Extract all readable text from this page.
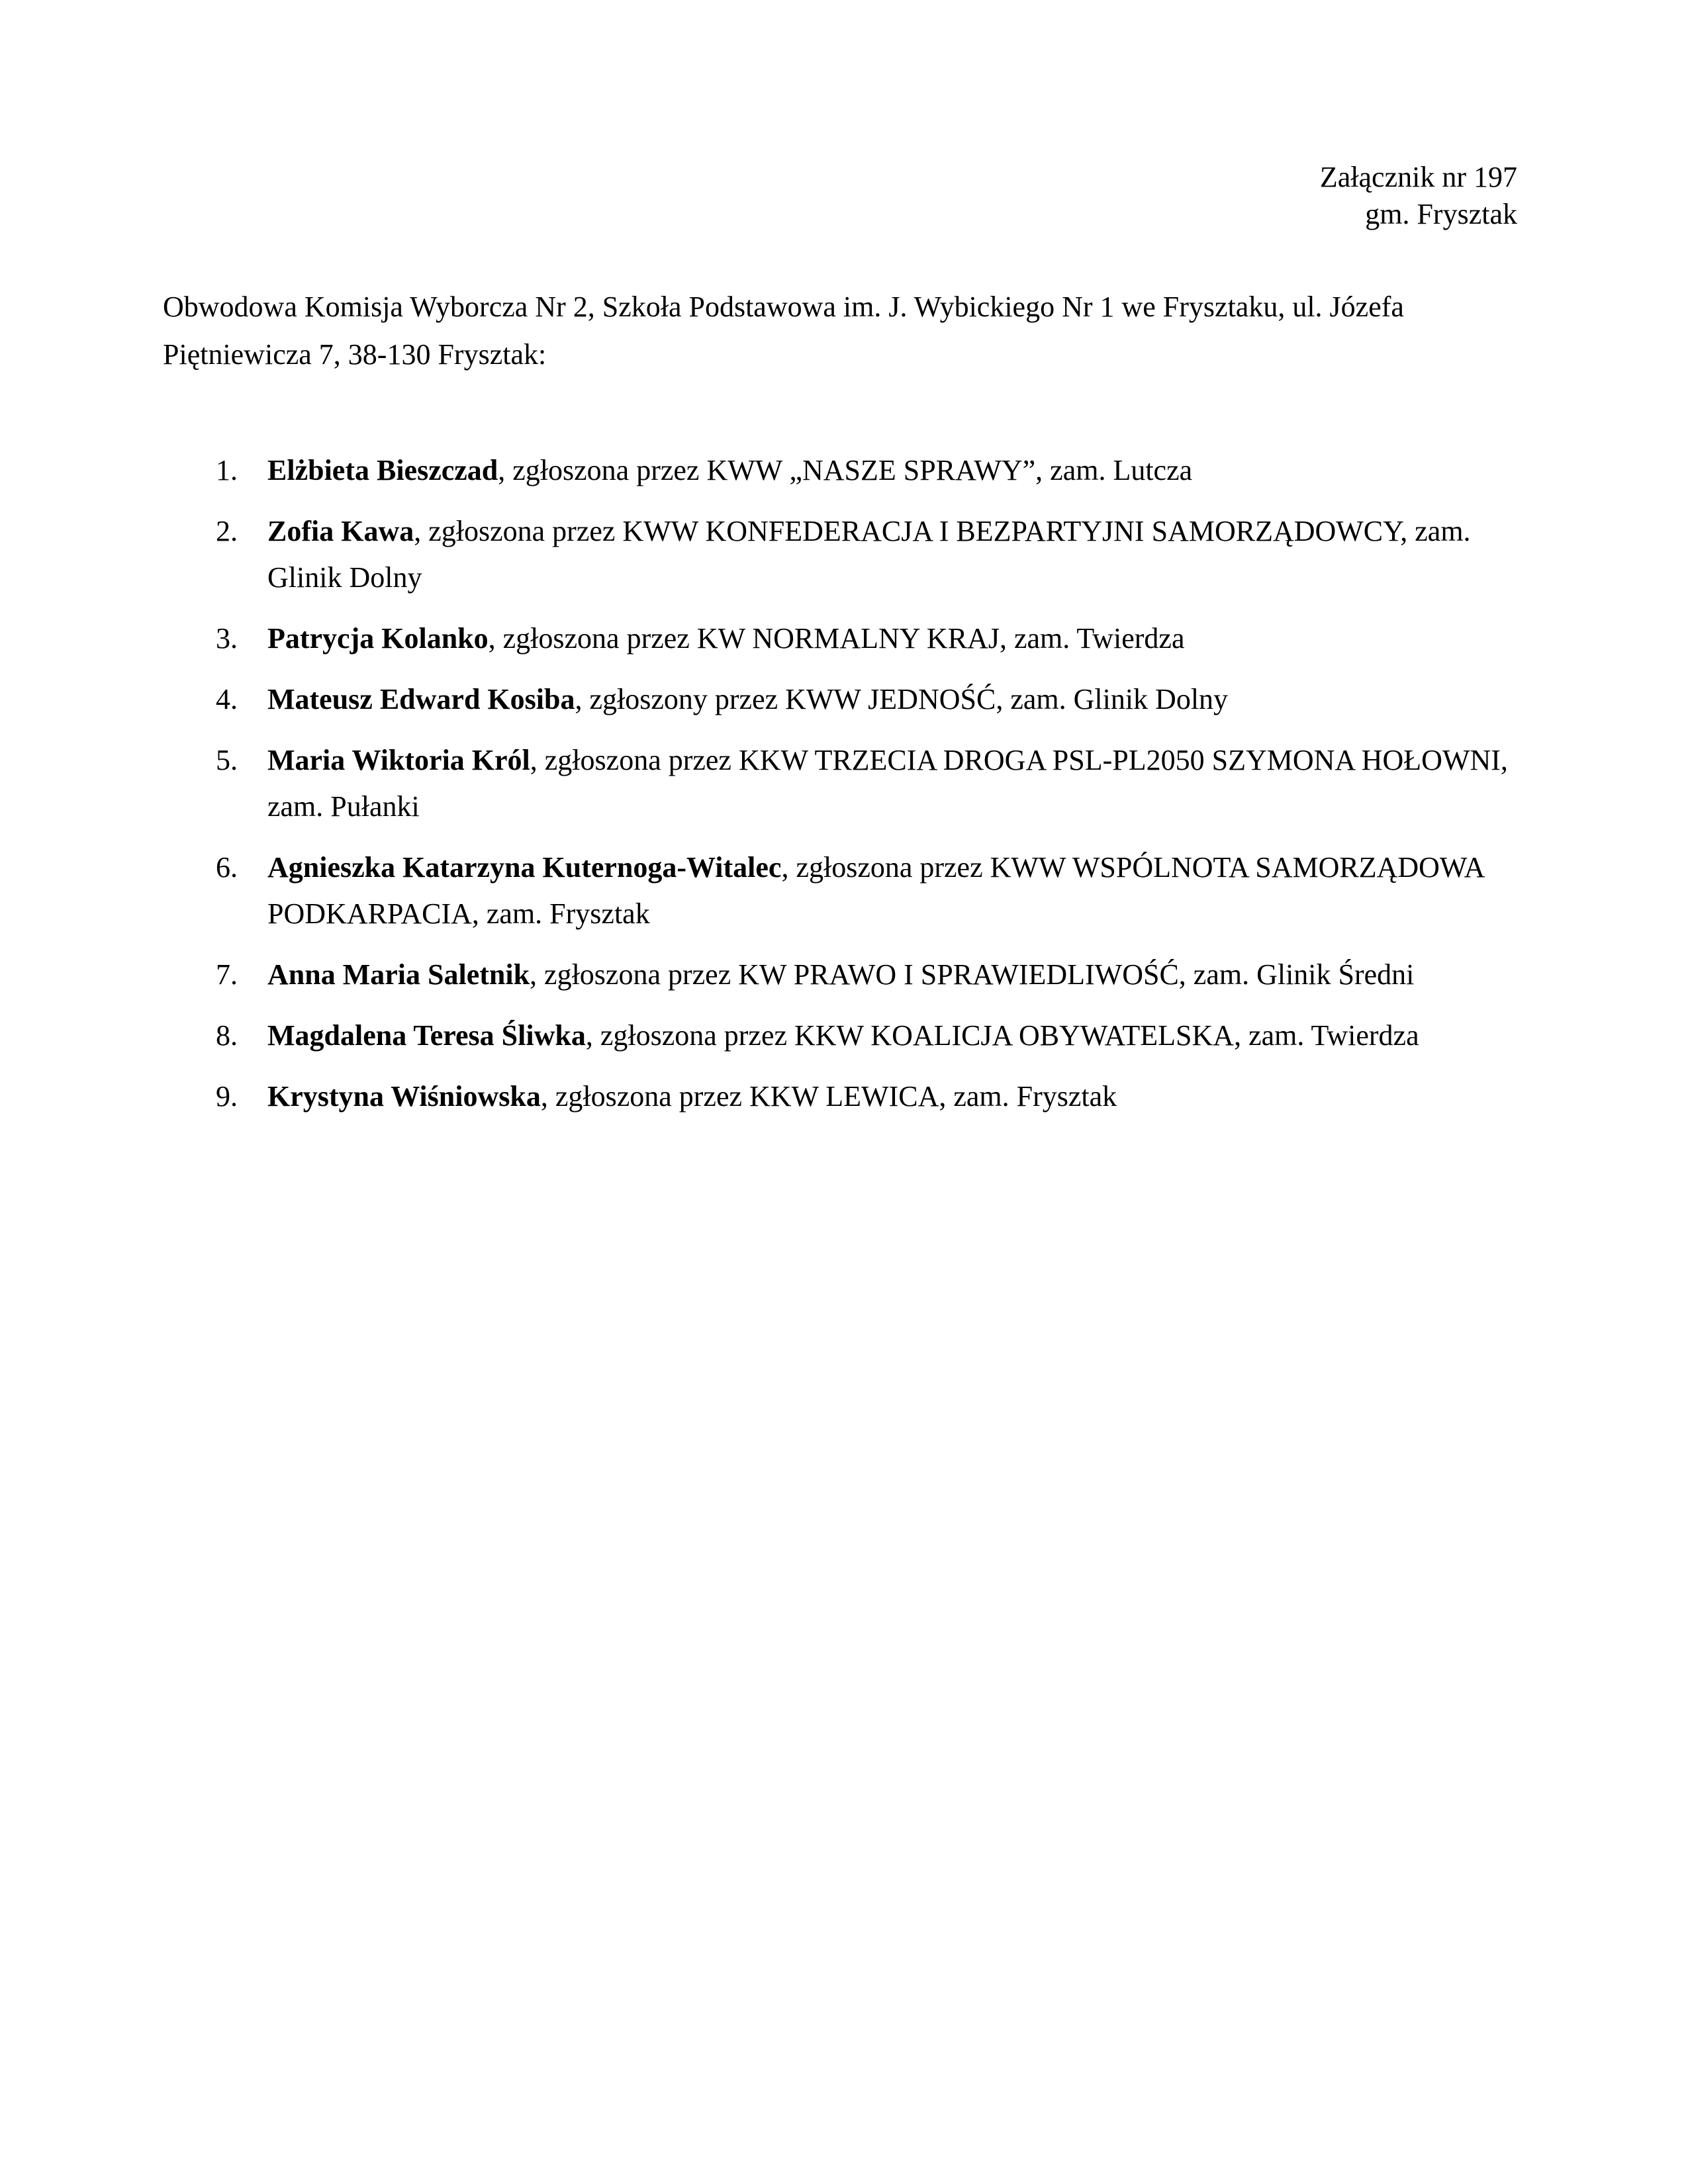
Załącznik nr 197
gm. Frysztak
Obwodowa Komisja Wyborcza Nr 2, Szkoła Podstawowa im. J. Wybickiego Nr 1 we Frysztaku, ul. Józefa Piętniewicza 7, 38-130 Frysztak:
1. Elżbieta Bieszczad, zgłoszona przez KWW „NASZE SPRAWY”, zam. Lutcza
2. Zofia Kawa, zgłoszona przez KWW KONFEDERACJA I BEZPARTYJNI SAMORZĄDOWCY, zam. Glinik Dolny
3. Patrycja Kolanko, zgłoszona przez KW NORMALNY KRAJ, zam. Twierdza
4. Mateusz Edward Kosiba, zgłoszony przez KWW JEDNOŚĆ, zam. Glinik Dolny
5. Maria Wiktoria Król, zgłoszona przez KKW TRZECIA DROGA PSL-PL2050 SZYMONA HOŁOWNI, zam. Pułanki
6. Agnieszka Katarzyna Kuternoga-Witalec, zgłoszona przez KWW WSPÓLNOTA SAMORZĄDOWA PODKARPACIA, zam. Frysztak
7. Anna Maria Saletnik, zgłoszona przez KW PRAWO I SPRAWIEDLIWOŚĆ, zam. Glinik Średni
8. Magdalena Teresa Śliwka, zgłoszona przez KKW KOALICJA OBYWATELSKA, zam. Twierdza
9. Krystyna Wiśniowska, zgłoszona przez KKW LEWICA, zam. Frysztak
